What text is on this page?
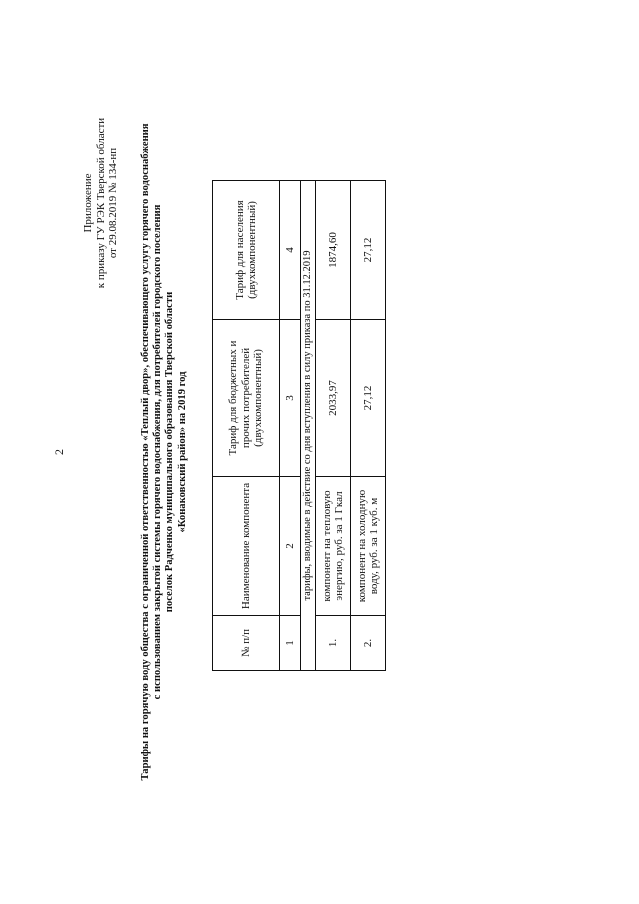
2
Приложение к приказу ГУ РЭК Тверской области от 29.08.2019 № 134-нп Тарифы на горячую воду общества с ограниченной ответственностью «Теплый двор», обеспечивающего услугу горячего водоснабжения с использованием закрытой системы горячего водоснабжения, для потребителей городского поселения поселок Радченко муниципального образования Тверской области «Конаковский район» на 2019 год
№ п/п	Наименование компонента	Тариф для бюджетных и прочих потребителей (двухкомпонентный)	Тариф для населения (двухкомпонентный)
1	2	3	4
тарифы, вводимые в действие со дня вступления в силу приказа по 31.12.2019			
1.	компонент на тепловую энергию, руб. за 1 Гкал	2033,97	1874,60
2.	компонент на холодную воду, руб. за 1 куб. м	27,12	27,12
